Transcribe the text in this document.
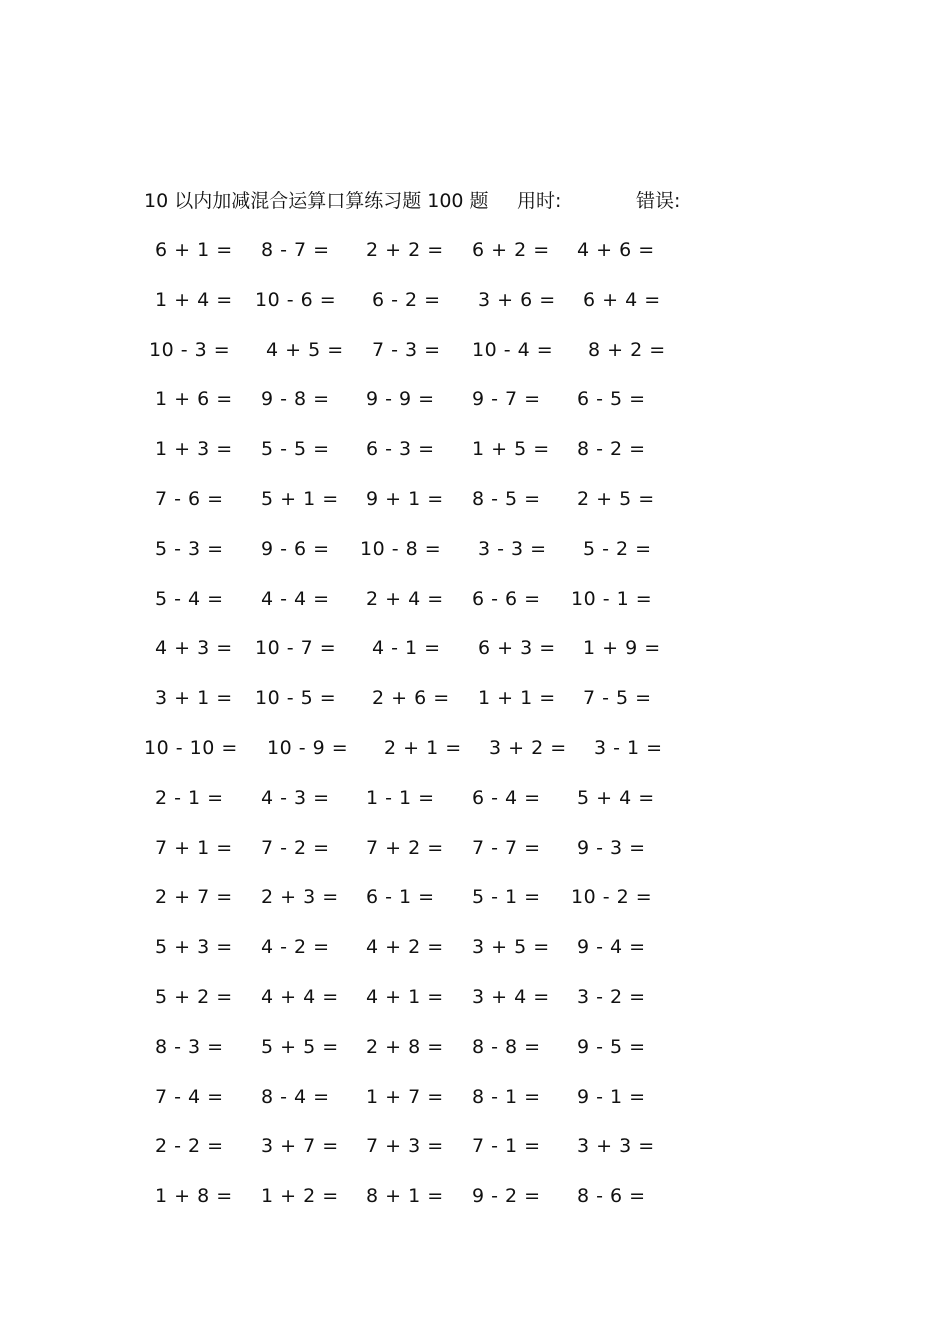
10 以内加减混合运算口算练习题 100 题 用时:	错误:
6 + 1 = 8 - 7 = 2 + 2 = 6 + 2 = 4 + 6 =
1 + 4 = 10 - 6 = 6 - 2 = 3 + 6 = 6 + 4 =
10 - 3 = 4 + 5 = 7 - 3 = 10 - 4 = 8 + 2 =
1 + 6 = 9 - 8 = 9 - 9 = 9 - 7 = 6 - 5 =
1 + 3 = 5 - 5 = 6 - 3 = 1 + 5 = 8 - 2 =
7 - 6 = 5 + 1 = 9 + 1 = 8 - 5 = 2 + 5 =
5 - 3 = 9 - 6 = 10 - 8 = 3 - 3 = 5 - 2 =
5 - 4 = 4 - 4 = 2 + 4 = 6 - 6 = 10 - 1 =
4 + 3 = 10 - 7 = 4 - 1 = 6 + 3 = 1 + 9 =
3 + 1 = 10 - 5 = 2 + 6 = 1 + 1 = 7 - 5 =
10 - 10 = 10 - 9 = 2 + 1 = 3 + 2 = 3 - 1 =
2 - 1 = 4 - 3 = 1 - 1 = 6 - 4 = 5 + 4 =
7 + 1 = 7 - 2 = 7 + 2 = 7 - 7 = 9 - 3 =
2 + 7 = 2 + 3 = 6 - 1 = 5 - 1 = 10 - 2 =
5 + 3 = 4 - 2 = 4 + 2 = 3 + 5 = 9 - 4 =
5 + 2 = 4 + 4 = 4 + 1 = 3 + 4 = 3 - 2 =
8 - 3 = 5 + 5 = 2 + 8 = 8 - 8 = 9 - 5 =
7 - 4 = 8 - 4 = 1 + 7 = 8 - 1 = 9 - 1 =
2 - 2 = 3 + 7 = 7 + 3 = 7 - 1 = 3 + 3 =
1 + 8 = 1 + 2 = 8 + 1 = 9 - 2 = 8 - 6 =
